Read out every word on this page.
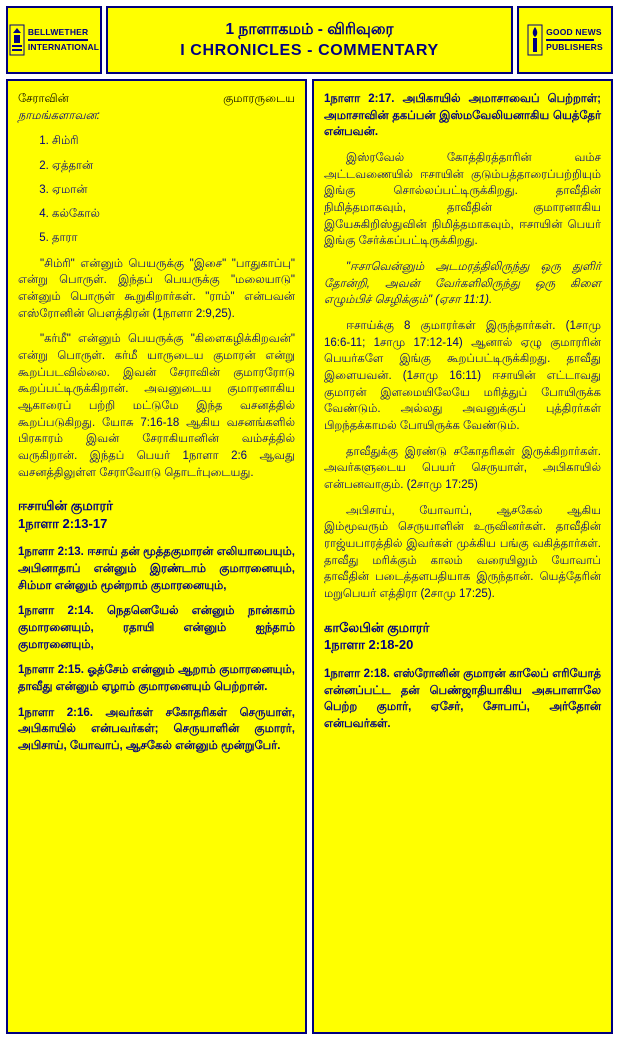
BELLWETHER
INTERNATIONAL
1 நாளாகமம் - விரிவுரை
I CHRONICLES - COMMENTARY
GOOD NEWS
PUBLISHERS
சேராவின்	குமாரருடைய

நாமங்களாவன:

1. சிம்ரி
2. ஏத்தான்
3. ஏமான்
4. கல்கோல்
5. தாரா

"சிம்ரி" என்னும் பெயருக்கு "இசை" "பாதுகாப்பு" என்று பொருள். இந்தப் பெயருக்கு "மலையாடு" என்னும் பொருள் கூறுகிறார்கள். "ராம்" என்பவன் எஸ்ரோனின் பௌத்திரன் (1நாளா 2:9,25).

"கர்மீ" என்னும் பெயருக்கு "கிளைகழிக்கிறவன்" என்று பொருள். கர்மீ யாருடைய குமாரன் என்று கூறப்படவில்லை. இவன் சேராவின் குமாரரோடு கூறப்பட்டிருக்கிறான். அவனுடைய குமாரனாகிய ஆகாரைப் பற்றி மட்டுமே இந்த வசனத்தில் கூறப்படுகிறது. யோசு 7:16-18 ஆகிய வசனங்களில் பிரகாரம் இவன் சேராகியானின் வம்சத்தில் வருகிறான். இந்தப் பெயர் 1நாளா 2:6 ஆவது வசனத்திலுள்ள சேராவோடு தொடர்புடையது.

ஈசாயின் குமாரர்
1நாளா 2:13-17

1நாளா 2:13. ஈசாய் தன் மூத்தகுமாரன் எலியாபையும், அபினாதாப் என்னும் இரண்டாம் குமாரனையும், சிம்மா என்னும் மூன்றாம் குமாரனையும்,

1நாளா 2:14. நெதனெயேல் என்னும் நான்காம் குமாரனையும், ரதாயி என்னும் ஐந்தாம் குமாரனையும்,

1நாளா 2:15. ஓத்சேம் என்னும் ஆறாம் குமாரனையும், தாவீது என்னும் ஏழாம் குமாரனையும் பெற்றான்.

1நாளா 2:16. அவர்கள் சகோதரிகள் செருயாள், அபிகாயில் என்பவர்கள்; செருயாளின் குமாரர், அபிசாய், யோவாப், ஆசகேல் என்னும் மூன்றுபேர்.

1நாளா 2:17. அபிகாயில் அமாசாவைப் பெற்றாள்; அமாசாவின் தகப்பன் இஸ்மவேலியனாகிய யெத்தேர் என்பவன்.

இஸ்ரவேல் கோத்திரத்தாரின் வம்ச அட்டவணையில் ஈசாயின் குடும்பத்தாரைப்பற்றியும் இங்கு சொல்லப்பட்டிருக்கிறது. தாவீதின் நிமித்தமாகவும், தாவீதின் குமாரனாகிய இயேசுகிறிஸ்துவின் நிமித்தமாகவும், ஈசாயின் பெயர் இங்கு சேர்க்கப்பட்டிருக்கிறது.

"ஈசாவென்னும் அடமரத்திலிருந்து ஒரு துளிர் தோன்றி, அவன் வேர்களிலிருந்து ஒரு கிளை எழும்பிச் செழிக்கும்" (ஏசா 11:1).

ஈசாய்க்கு 8 குமாரர்கள் இருந்தார்கள். (1சாமு 16:6-11; 1சாமு 17:12-14) ஆனால் ஏழு குமாரரின் பெயர்களே இங்கு கூறப்பட்டிருக்கிறது. தாவீது இளையவன். (1சாமு 16:11) ஈசாயின் எட்டாவது குமாரன் இளமையிலேயே மரித்துப் போயிருக்க வேண்டும். அல்லது அவனுக்குப் புத்திரர்கள் பிறந்தக்காமல் போயிருக்க வேண்டும்.

தாவீதுக்கு இரண்டு சகோதரிகள் இருக்கிறார்கள். அவர்களுடைய பெயர் செருயாள், அபிகாயில் என்பனவாகும். (2சாமு 17:25)

அபிசாய், யோவாப், ஆசகேல் ஆகிய இம்மூவரும் செருயாளின் உருவினர்கள். தாவீதின் ராஜ்யபாரத்தில் இவர்கள் முக்கிய பங்கு வகித்தார்கள். தாவீது மரிக்கும் காலம் வரையிலும் யோவாப் தாவீதின் படைத்தளபதியாக இருந்தான். யெத்தேரின் மறுபெயர் எத்திரா (2சாமு 17:25).

காலேபின் குமாரர்
1நாளா 2:18-20

1நாளா 2:18. எஸ்ரோனின் குமாரன் காலேப் எரியோத் என்னப்பட்ட தன் பெண்ஜாதியாகிய அசுபாளாலே பெற்ற குமார், ஏசேர், சோபாப், அர்தோன் என்பவர்கள்.
